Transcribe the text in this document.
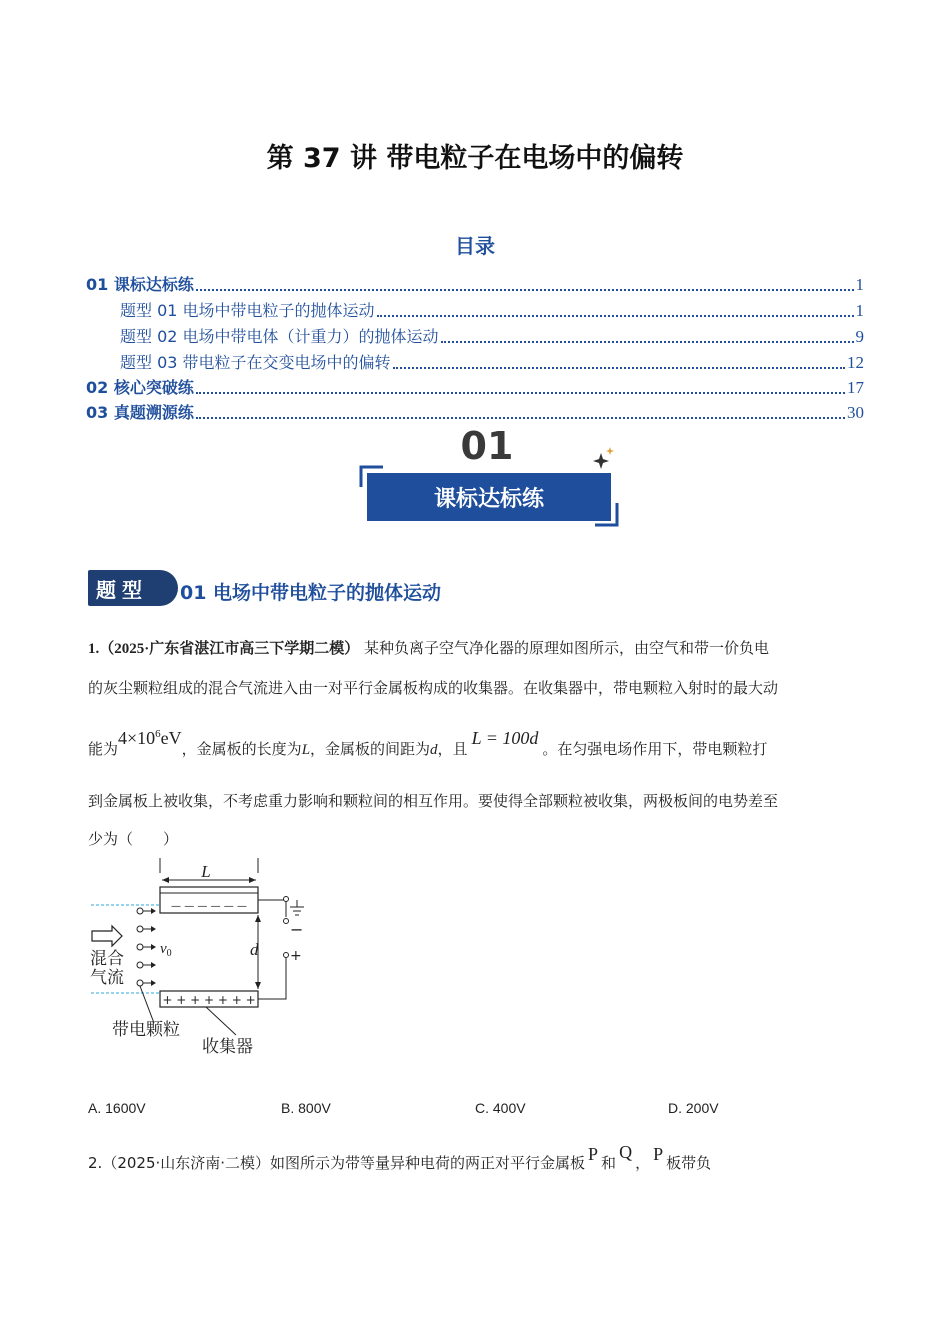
第 37 讲 带电粒子在电场中的偏转
目录
01 课标达标练	1
题型 01 电场中带电粒子的抛体运动	1
题型 02 电场中带电体（计重力）的抛体运动	9
题型 03 带电粒子在交变电场中的偏转	12
02 核心突破练	17
03 真题溯源练	30
01
课标达标练
题型 01 电场中带电粒子的抛体运动
1.（2025·广东省湛江市高三下学期二模） 某种负离子空气净化器的原理如图所示，由空气和带一价负电
的灰尘颗粒组成的混合气流进入由一对平行金属板构成的收集器。在收集器中，带电颗粒入射时的最大动
能为$4\times 10^6eV$，金属板的长度为L，金属板的间距为d，且L = 100d。在匀强电场作用下，带电颗粒打
到金属板上被收集，不考虑重力影响和颗粒间的相互作用。要使得全部颗粒被收集，两极板间的电势差至
少为（　　）
L
— — — — — —
+ + + + + + +
$v_0$
混合
气流
d
−
+
带电颗粒
收集器
A. 1600V	B. 800V	C. 400V	D. 200V
2.（2025·山东济南·二模）如图所示为带等量异种电荷的两正对平行金属板 P 和Q， P 板带负
